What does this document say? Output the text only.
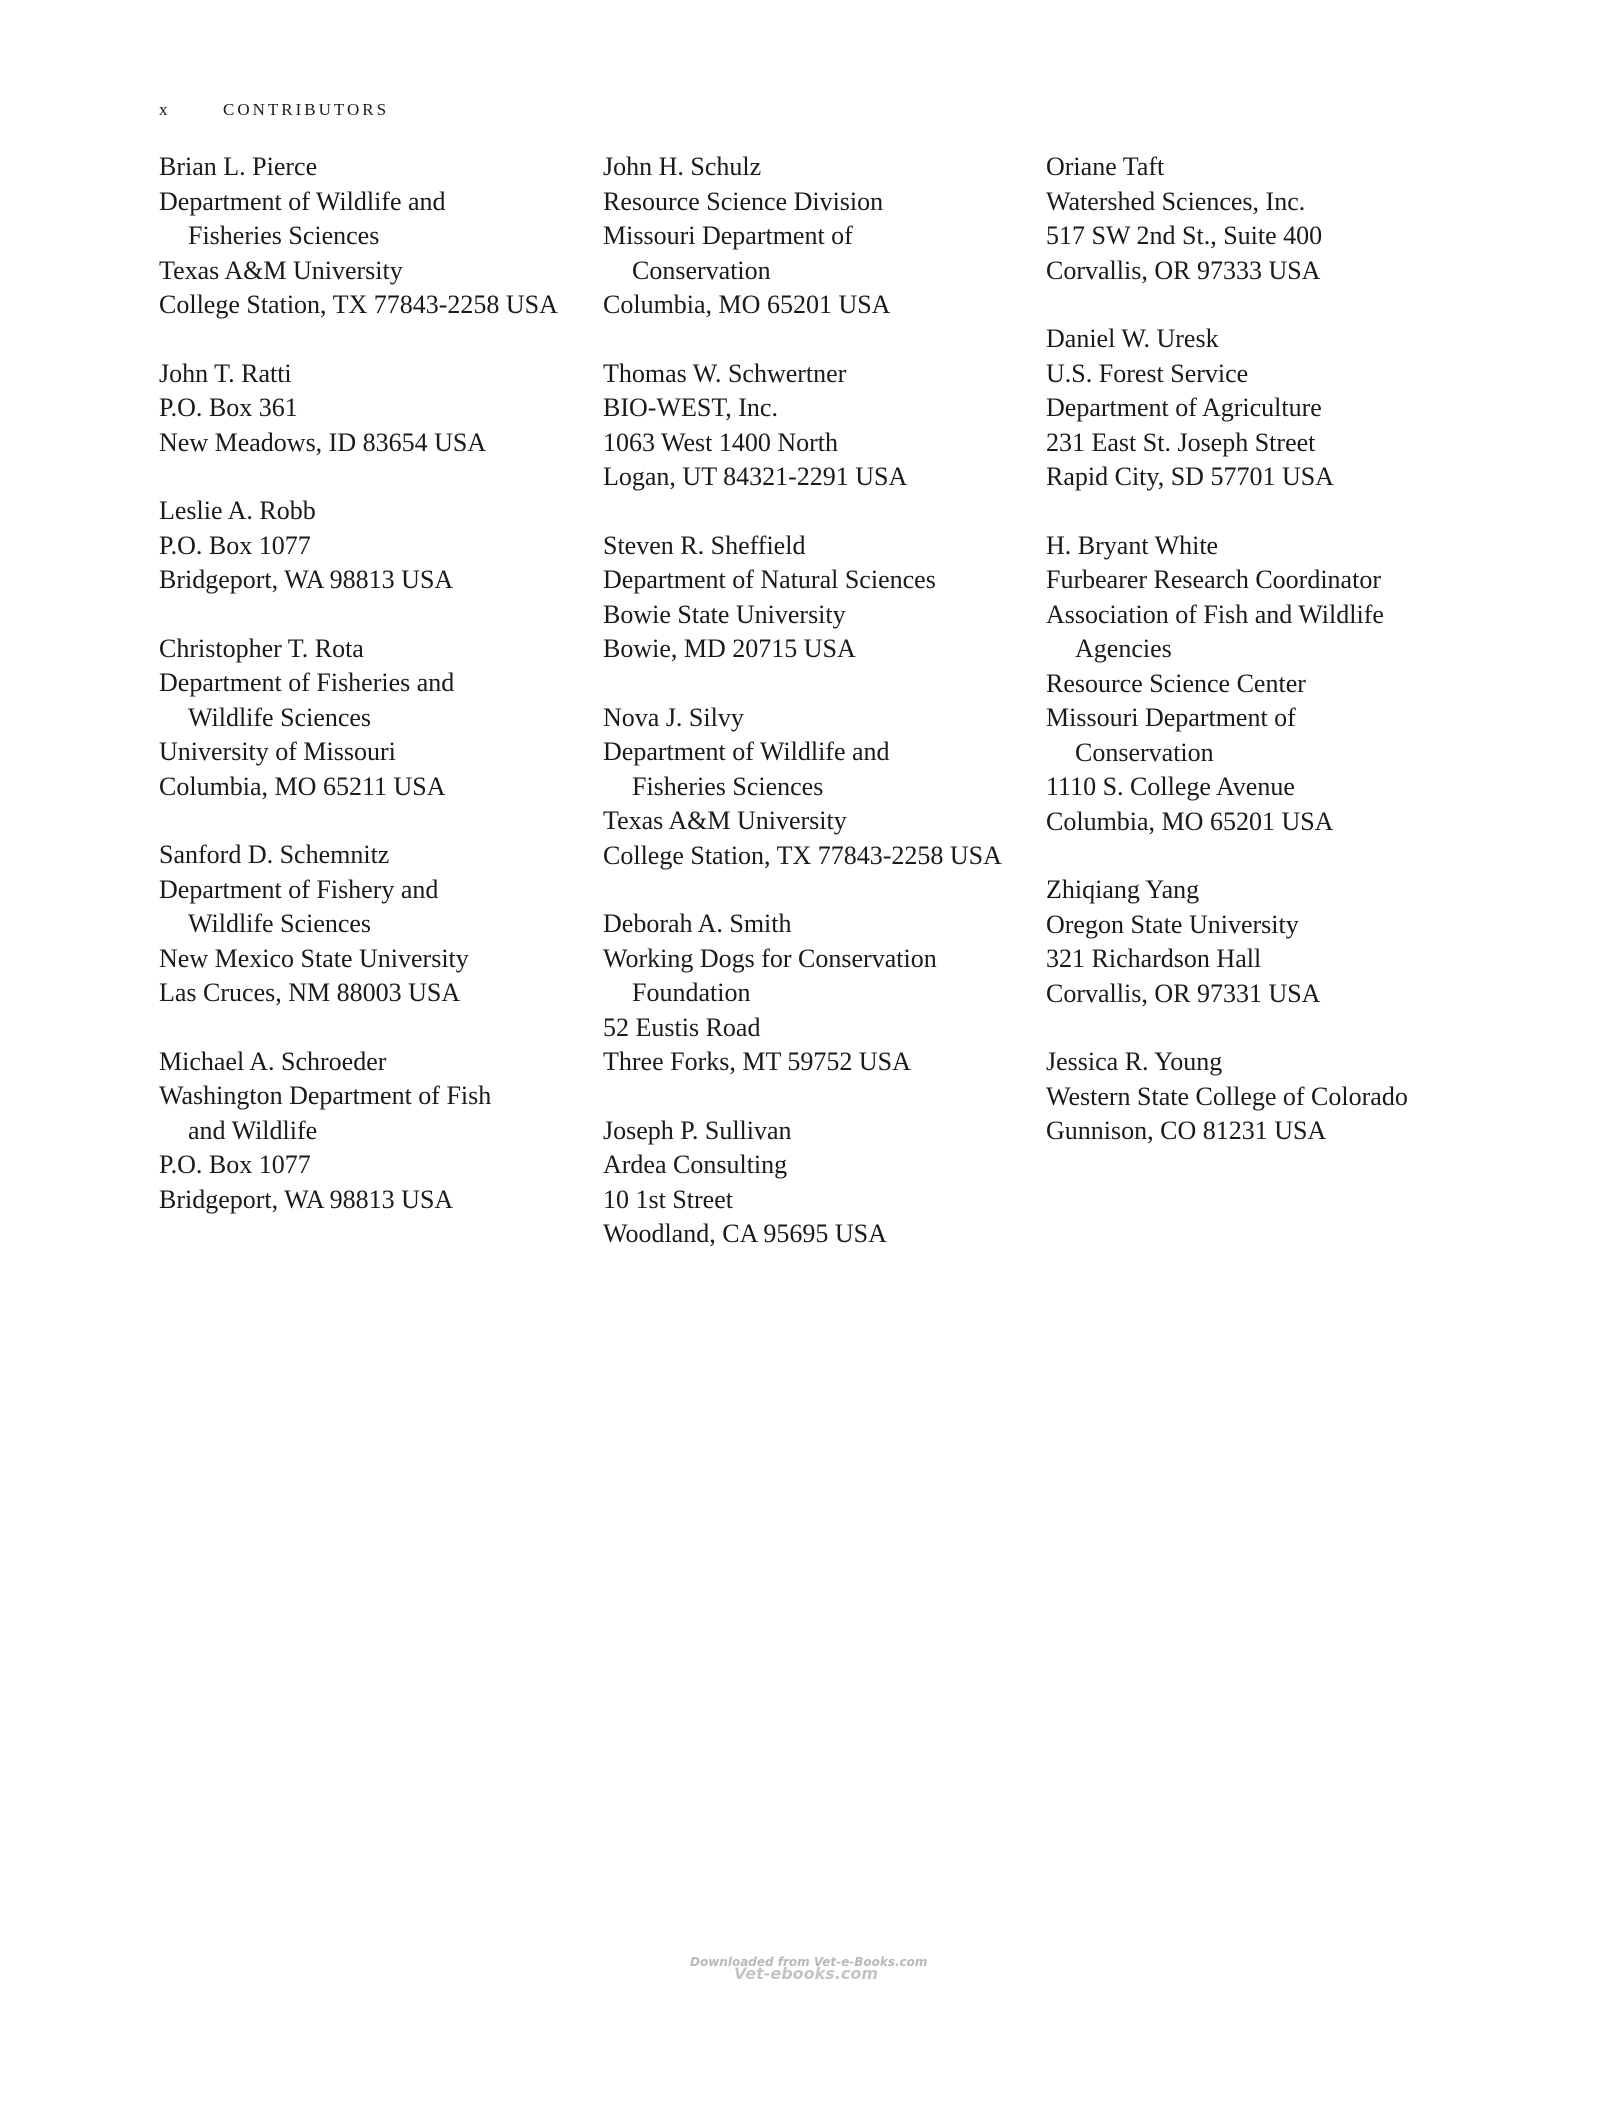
x	CONTRIBUTORS
Brian L. Pierce
Department of Wildlife and
Fisheries Sciences
Texas A&M University
College Station, TX 77843-2258 USA
John T. Ratti
P.O. Box 361
New Meadows, ID 83654 USA
Leslie A. Robb
P.O. Box 1077
Bridgeport, WA 98813 USA
Christopher T. Rota
Department of Fisheries and
Wildlife Sciences
University of Missouri
Columbia, MO 65211 USA
Sanford D. Schemnitz
Department of Fishery and
Wildlife Sciences
New Mexico State University
Las Cruces, NM 88003 USA
Michael A. Schroeder
Washington Department of Fish
and Wildlife
P.O. Box 1077
Bridgeport, WA 98813 USA
John H. Schulz
Resource Science Division
Missouri Department of
Conservation
Columbia, MO 65201 USA
Thomas W. Schwertner
BIO-WEST, Inc.
1063 West 1400 North
Logan, UT 84321-2291 USA
Steven R. Sheffield
Department of Natural Sciences
Bowie State University
Bowie, MD 20715 USA
Nova J. Silvy
Department of Wildlife and
Fisheries Sciences
Texas A&M University
College Station, TX 77843-2258 USA
Deborah A. Smith
Working Dogs for Conservation
Foundation
52 Eustis Road
Three Forks, MT 59752 USA
Joseph P. Sullivan
Ardea Consulting
10 1st Street
Woodland, CA 95695 USA
Oriane Taft
Watershed Sciences, Inc.
517 SW 2nd St., Suite 400
Corvallis, OR 97333 USA
Daniel W. Uresk
U.S. Forest Service
Department of Agriculture
231 East St. Joseph Street
Rapid City, SD 57701 USA
H. Bryant White
Furbearer Research Coordinator
Association of Fish and Wildlife
Agencies
Resource Science Center
Missouri Department of
Conservation
1110 S. College Avenue
Columbia, MO 65201 USA
Zhiqiang Yang
Oregon State University
321 Richardson Hall
Corvallis, OR 97331 USA
Jessica R. Young
Western State College of Colorado
Gunnison, CO 81231 USA
Downloaded from Vet-e-Books.com
Vet-ebooks.com
